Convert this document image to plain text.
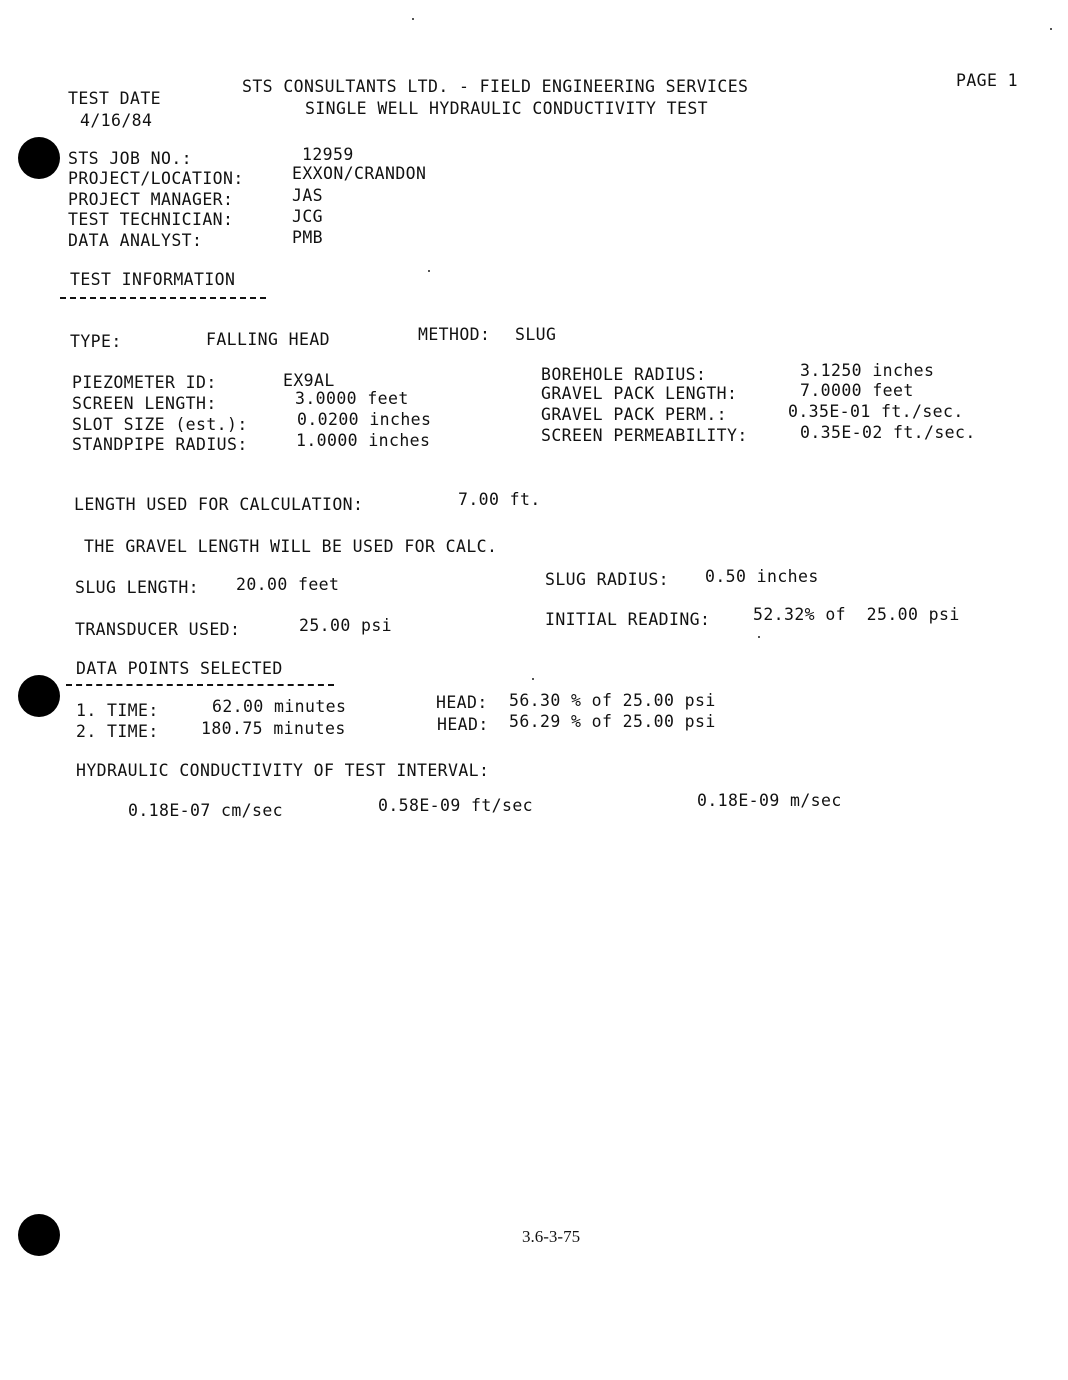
TEST DATE
4/16/84
STS CONSULTANTS LTD. - FIELD ENGINEERING SERVICES
SINGLE WELL HYDRAULIC CONDUCTIVITY TEST
PAGE 1
STS JOB NO.:	12959
PROJECT/LOCATION:	EXXON/CRANDON
PROJECT MANAGER:	JAS
TEST TECHNICIAN:	JCG
DATA ANALYST:	PMB
TEST INFORMATION
TYPE:	FALLING HEAD	METHOD: SLUG
PIEZOMETER ID:	EX9AL
SCREEN LENGTH:	3.0000 feet
SLOT SIZE (est.):	0.0200 inches
STANDPIPE RADIUS:	1.0000 inches
BOREHOLE RADIUS:	3.1250 inches
GRAVEL PACK LENGTH:	7.0000 feet
GRAVEL PACK PERM.:	0.35E-01 ft./sec.
SCREEN PERMEABILITY:	0.35E-02 ft./sec.
LENGTH USED FOR CALCULATION:	7.00 ft.
THE GRAVEL LENGTH WILL BE USED FOR CALC.
SLUG LENGTH: 20.00 feet	SLUG RADIUS: 0.50 inches
TRANSDUCER USED:	25.00 psi	INITIAL READING:	52.32% of  25.00 psi
DATA POINTS SELECTED
1. TIME:	62.00 minutes	HEAD: 56.30 % of 25.00 psi
2. TIME:	180.75 minutes	HEAD: 56.29 % of 25.00 psi
HYDRAULIC CONDUCTIVITY OF TEST INTERVAL:
0.18E-07 cm/sec	0.58E-09 ft/sec	0.18E-09 m/sec
3.6-3-75
